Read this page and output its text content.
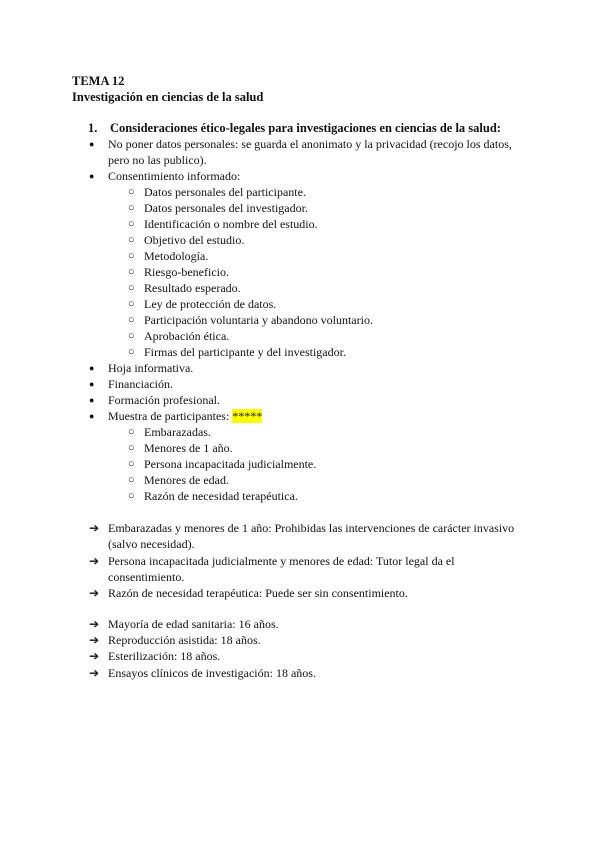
TEMA 12
Investigación en ciencias de la salud
1. Consideraciones ético-legales para investigaciones en ciencias de la salud:
●	No poner datos personales: se guarda el anonimato y la privacidad (recojo los datos,
pero no las publico).
●	Consentimiento informado:
○ Datos personales del participante.
○ Datos personales del investigador.
○ Identificación o nombre del estudio.
○ Objetivo del estudio.
○ Metodología.
○ Riesgo-beneficio.
○ Resultado esperado.
○ Ley de protección de datos.
○ Participación voluntaria y abandono voluntario.
○ Aprobación ética.
○ Firmas del participante y del investigador.
●	Hoja informativa.
●	Financiación.
●	Formación profesional.
●	Muestra de participantes: *****
○ Embarazadas.
○ Menores de 1 año.
○ Persona incapacitada judicialmente.
○ Menores de edad.
○ Razón de necesidad terapéutica.
➔ Embarazadas y menores de 1 año: Prohibidas las intervenciones de carácter invasivo
(salvo necesidad).
➔ Persona incapacitada judicialmente y menores de edad: Tutor legal da el
consentimiento.
➔ Razón de necesidad terapéutica: Puede ser sin consentimiento.
➔ Mayoría de edad sanitaria: 16 años.
➔ Reproducción asistida: 18 años.
➔ Esterilización: 18 años.
➔ Ensayos clínicos de investigación: 18 años.
